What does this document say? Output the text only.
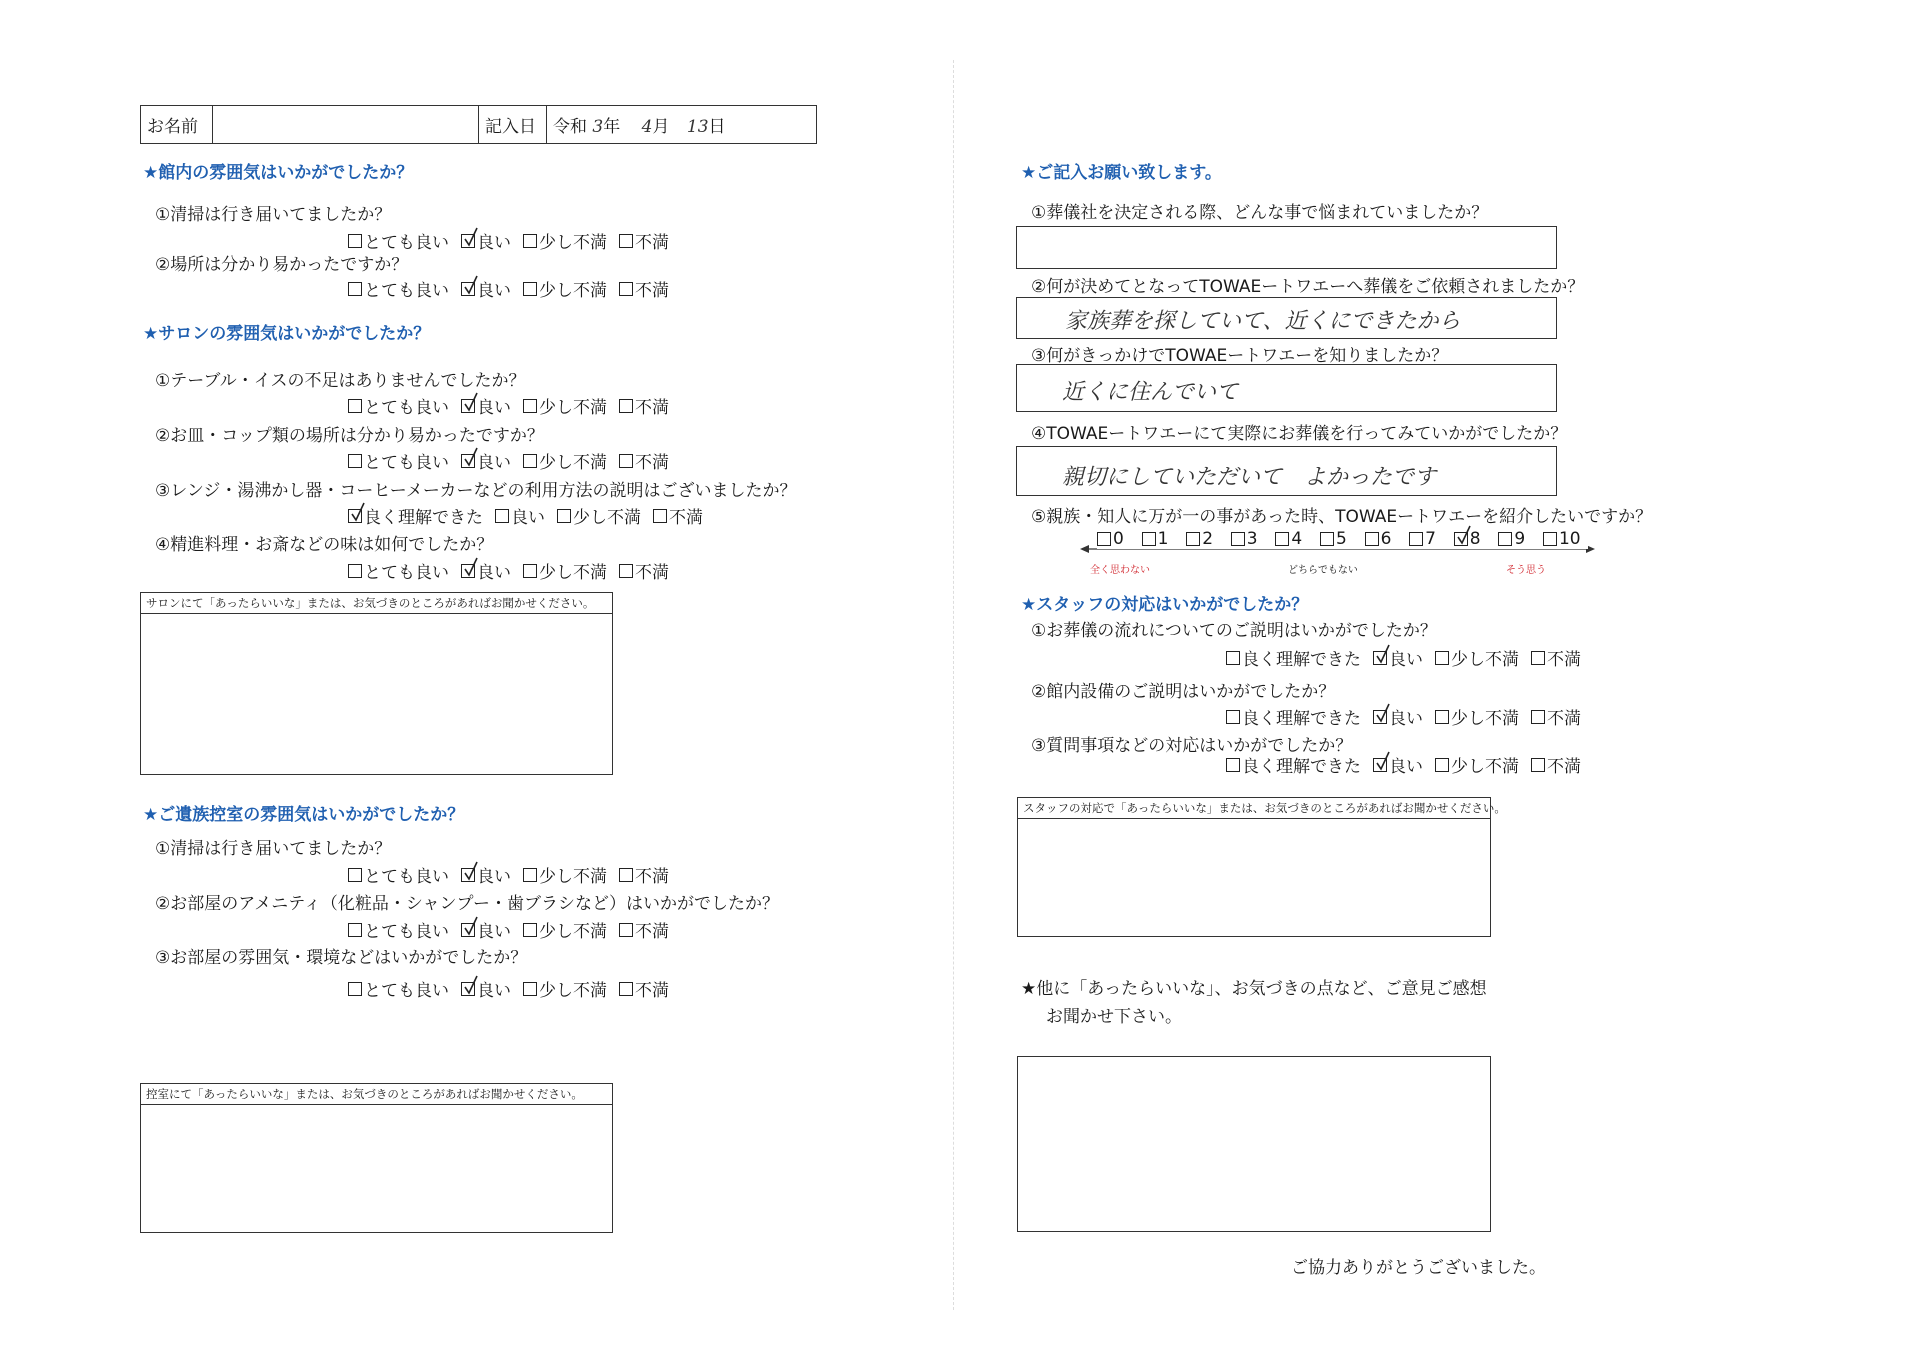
お名前		記入日	令和 3年 4月 13日
★館内の雰囲気はいかがでしたか？
①清掃は行き届いてましたか？
とても良い 良い 少し不満 不満
②場所は分かり易かったですか？
とても良い 良い 少し不満 不満
★サロンの雰囲気はいかがでしたか？
①テーブル・イスの不足はありませんでしたか？
とても良い 良い 少し不満 不満
②お皿・コップ類の場所は分かり易かったですか？
とても良い 良い 少し不満 不満
③レンジ・湯沸かし器・コーヒーメーカーなどの利用方法の説明はございましたか？
良く理解できた 良い 少し不満 不満
④精進料理・お斎などの味は如何でしたか？
とても良い 良い 少し不満 不満
サロンにて「あったらいいな」または、お気づきのところがあればお聞かせください。
★ご遺族控室の雰囲気はいかがでしたか？
①清掃は行き届いてましたか？
とても良い 良い 少し不満 不満
②お部屋のアメニティ（化粧品・シャンプー・歯ブラシなど）はいかがでしたか？
とても良い 良い 少し不満 不満
③お部屋の雰囲気・環境などはいかがでしたか？
とても良い 良い 少し不満 不満
控室にて「あったらいいな」または、お気づきのところがあればお聞かせください。
★ご記入お願い致します。
①葬儀社を決定される際、どんな事で悩まれていましたか？
②何が決めてとなってTOWAEートワエーへ葬儀をご依頼されましたか？
家族葬を探していて、近くにできたから
③何がきっかけでTOWAEートワエーを知りましたか？
近くに住んでいて
④TOWAEートワエーにて実際にお葬儀を行ってみていかがでしたか？
親切にしていただいて　よかったです
⑤親族・知人に万が一の事があった時、TOWAEートワエーを紹介したいですか？
0 1 2 3 4 5 6 7 8 9 10
全く思わない	どちらでもない	そう思う
★スタッフの対応はいかがでしたか？
①お葬儀の流れについてのご説明はいかがでしたか？
良く理解できた 良い 少し不満 不満
②館内設備のご説明はいかがでしたか？
良く理解できた 良い 少し不満 不満
③質問事項などの対応はいかがでしたか？
良く理解できた 良い 少し不満 不満
スタッフの対応で「あったらいいな」または、お気づきのところがあればお聞かせください。
★他に「あったらいいな」、お気づきの点など、ご意見ご感想
お聞かせ下さい。
ご協力ありがとうございました。
